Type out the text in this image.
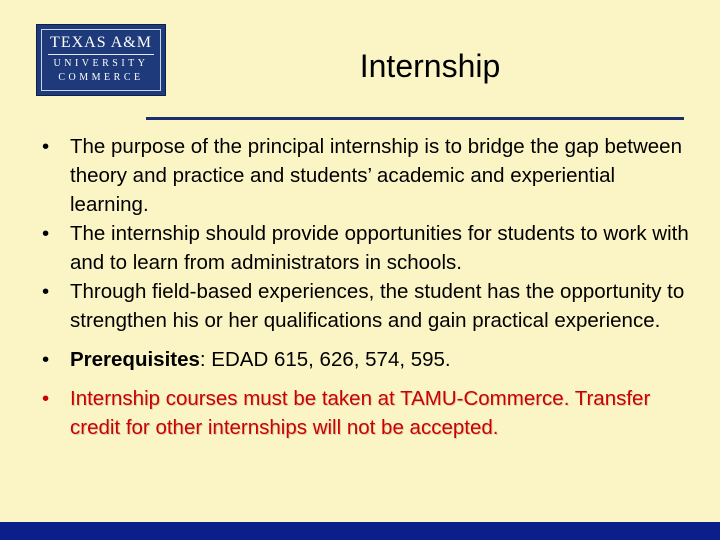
TEXAS A&M
UNIVERSITY
COMMERCE	Internship
• The purpose of the principal internship is to bridge the gap between theory and practice and students’ academic and experiential learning.
• The internship should provide opportunities for students to work with and to learn from administrators in schools.
• Through field-based experiences, the student has the opportunity to strengthen his or her qualifications and gain practical experience.
• Prerequisites: EDAD 615, 626, 574, 595.
• Internship courses must be taken at TAMU-Commerce. Transfer credit for other internships will not be accepted.
